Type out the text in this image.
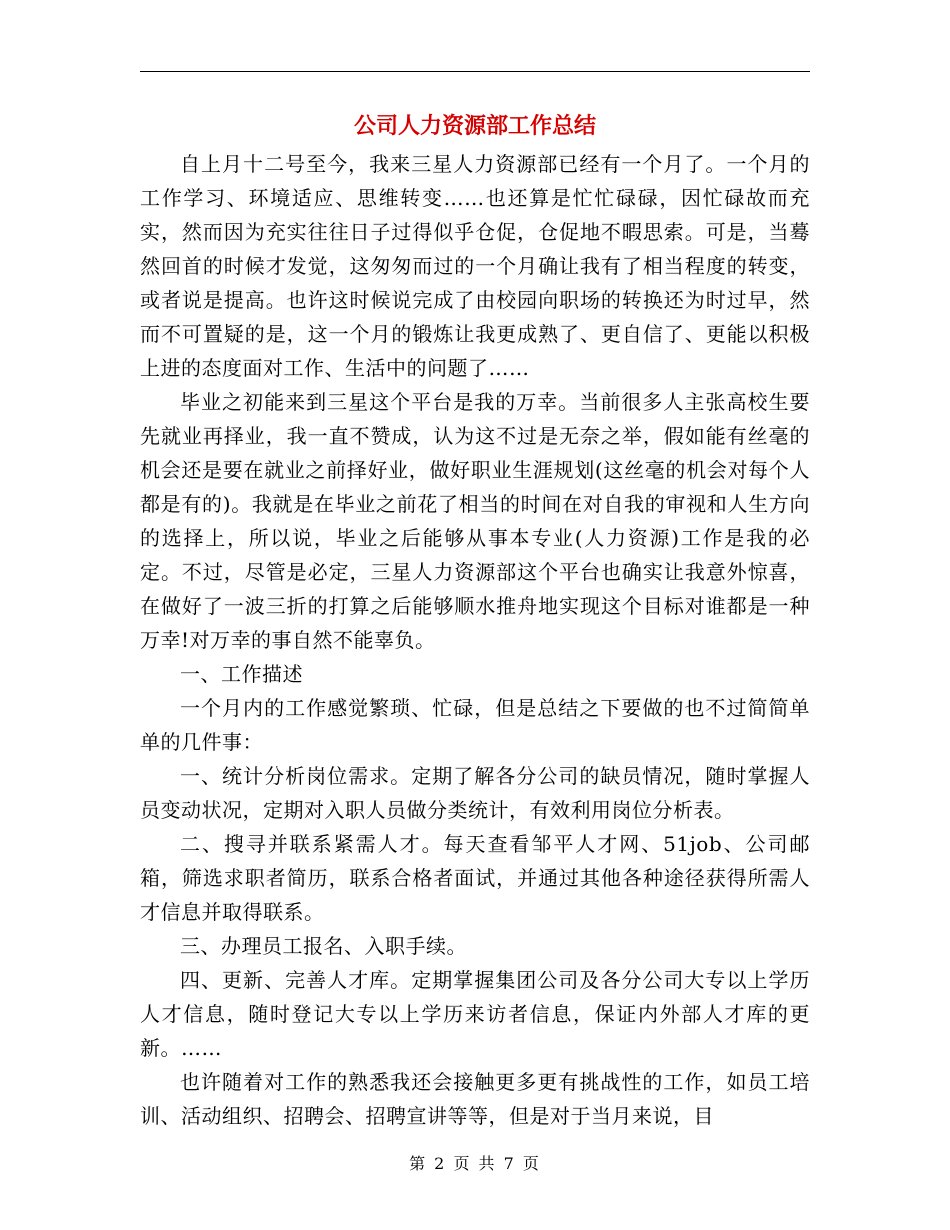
公司人力资源部工作总结

自上月十二号至今，我来三星人力资源部已经有一个月了。一个月的工作学习、环境适应、思维转变……也还算是忙忙碌碌，因忙碌故而充实，然而因为充实往往日子过得似乎仓促，仓促地不暇思索。可是，当蓦然回首的时候才发觉，这匆匆而过的一个月确让我有了相当程度的转变，或者说是提高。也许这时候说完成了由校园向职场的转换还为时过早，然而不可置疑的是，这一个月的锻炼让我更成熟了、更自信了、更能以积极上进的态度面对工作、生活中的问题了……

毕业之初能来到三星这个平台是我的万幸。当前很多人主张高校生要先就业再择业，我一直不赞成，认为这不过是无奈之举，假如能有丝毫的机会还是要在就业之前择好业，做好职业生涯规划(这丝毫的机会对每个人都是有的)。我就是在毕业之前花了相当的时间在对自我的审视和人生方向的选择上，所以说，毕业之后能够从事本专业(人力资源)工作是我的必定。不过，尽管是必定，三星人力资源部这个平台也确实让我意外惊喜，在做好了一波三折的打算之后能够顺水推舟地实现这个目标对谁都是一种万幸!对万幸的事自然不能辜负。

一、工作描述

一个月内的工作感觉繁琐、忙碌，但是总结之下要做的也不过简简单单的几件事：

一、统计分析岗位需求。定期了解各分公司的缺员情况，随时掌握人员变动状况，定期对入职人员做分类统计，有效利用岗位分析表。

二、搜寻并联系紧需人才。每天查看邹平人才网、51job、公司邮箱，筛选求职者简历，联系合格者面试，并通过其他各种途径获得所需人才信息并取得联系。

三、办理员工报名、入职手续。

四、更新、完善人才库。定期掌握集团公司及各分公司大专以上学历人才信息，随时登记大专以上学历来访者信息，保证内外部人才库的更新。……

也许随着对工作的熟悉我还会接触更多更有挑战性的工作，如员工培训、活动组织、招聘会、招聘宣讲等等，但是对于当月来说，目

第 2 页 共 7 页
